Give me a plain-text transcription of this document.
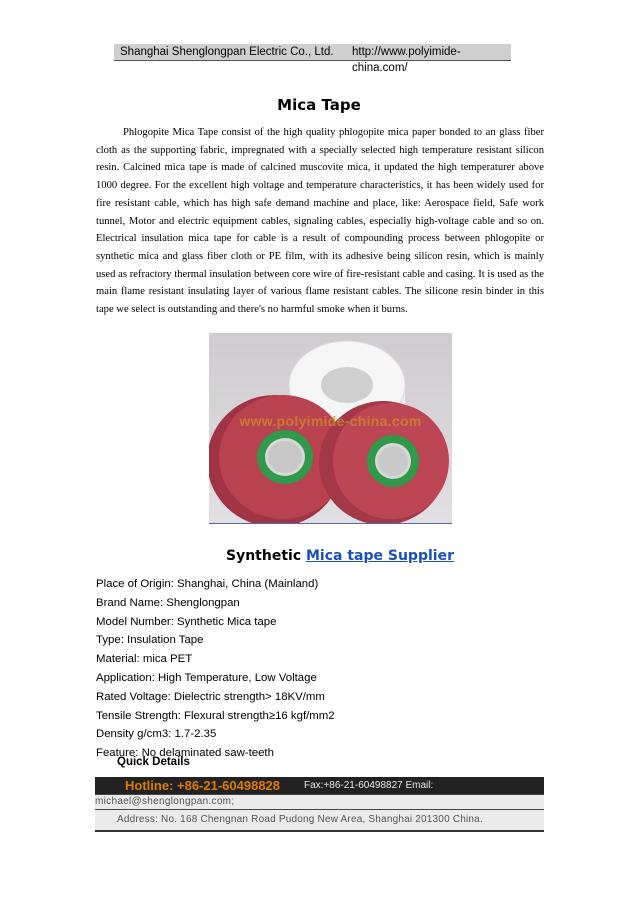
Shanghai Shenglongpan Electric Co., Ltd. http://www.polyimide-china.com/
Mica Tape

Phlogopite Mica Tape consist of the high quality phlogopite mica paper bonded to an glass fiber cloth as the supporting fabric, impregnated with a specially selected high temperature resistant silicon resin. Calcined mica tape is made of calcined muscovite mica, it updated the high temperaturer above 1000 degree. For the excellent high voltage and temperature characteristics, it has been widely used for fire resistant cable, which has high safe demand machine and place, like: Aerospace field, Safe work tunnel, Motor and electric equipment cables, signaling cables, especially high-voltage cable and so on. Electrical insulation mica tape for cable is a result of compounding process between phlogopite or synthetic mica and glass fiber cloth or PE film, with its adhesive being silicon resin, which is mainly used as refractory thermal insulation between core wire of fire-resistant cable and casing. It is used as the main flame resistant insulating layer of various flame resistant cables. The silicone resin binder in this tape we select is outstanding and there's no harmful smoke when it burns.

www.polyimide-china.com
Synthetic Mica tape Supplier
Place of Origin: Shanghai, China (Mainland)
Brand Name: Shenglongpan
Model Number: Synthetic Mica tape
Type: Insulation Tape
Material: mica PET
Application: High Temperature, Low Voltage
Rated Voltage: Dielectric strength> 18KV/mm
Tensile Strength: Flexural strength≥16 kgf/mm2
Density g/cm3: 1.7-2.35
Feature: No delaminated saw-teeth
Quick Details
Hotline: +86-21-60498828 Fax:+86-21-60498827 Email:
michael@shenglongpan.com;
Address: No. 168 Chengnan Road Pudong New Area, Shanghai 201300 China.
